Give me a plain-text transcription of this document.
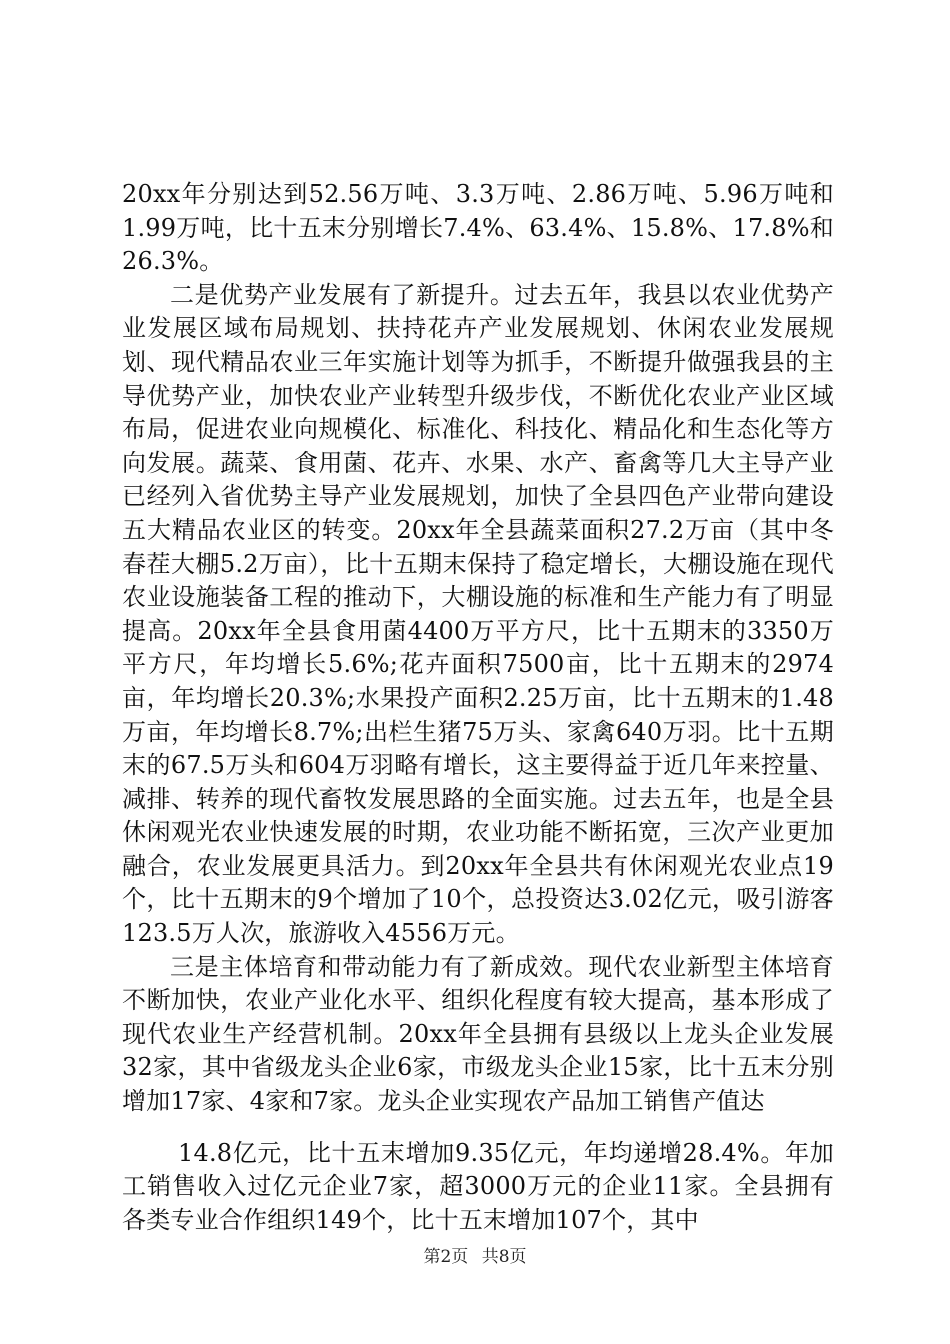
20xx年分别达到52.56万吨、3.3万吨、2.86万吨、5.96万吨和1.99万吨，比十五末分别增长7.4%、63.4%、15.8%、17.8%和26.3%。

二是优势产业发展有了新提升。过去五年，我县以农业优势产业发展区域布局规划、扶持花卉产业发展规划、休闲农业发展规划、现代精品农业三年实施计划等为抓手，不断提升做强我县的主导优势产业，加快农业产业转型升级步伐，不断优化农业产业区域布局，促进农业向规模化、标准化、科技化、精品化和生态化等方向发展。蔬菜、食用菌、花卉、水果、水产、畜禽等几大主导产业已经列入省优势主导产业发展规划，加快了全县四色产业带向建设五大精品农业区的转变。20xx年全县蔬菜面积27.2万亩（其中冬春茬大棚5.2万亩），比十五期末保持了稳定增长，大棚设施在现代农业设施装备工程的推动下，大棚设施的标准和生产能力有了明显提高。20xx年全县食用菌4400万平方尺，比十五期末的3350万平方尺，年均增长5.6%;花卉面积7500亩，比十五期末的2974亩，年均增长20.3%;水果投产面积2.25万亩，比十五期末的1.48万亩，年均增长8.7%;出栏生猪75万头、家禽640万羽。比十五期末的67.5万头和604万羽略有增长，这主要得益于近几年来控量、减排、转养的现代畜牧发展思路的全面实施。过去五年，也是全县休闲观光农业快速发展的时期，农业功能不断拓宽，三次产业更加融合，农业发展更具活力。到20xx年全县共有休闲观光农业点19个，比十五期末的9个增加了10个，总投资达3.02亿元，吸引游客123.5万人次，旅游收入4556万元。

三是主体培育和带动能力有了新成效。现代农业新型主体培育不断加快，农业产业化水平、组织化程度有较大提高，基本形成了现代农业生产经营机制。20xx年全县拥有县级以上龙头企业发展32家，其中省级龙头企业6家，市级龙头企业15家，比十五末分别增加17家、4家和7家。龙头企业实现农产品加工销售产值达

14.8亿元，比十五末增加9.35亿元，年均递增28.4%。年加工销售收入过亿元企业7家，超3000万元的企业11家。全县拥有各类专业合作组织149个，比十五末增加107个，其中

第2页 共8页
